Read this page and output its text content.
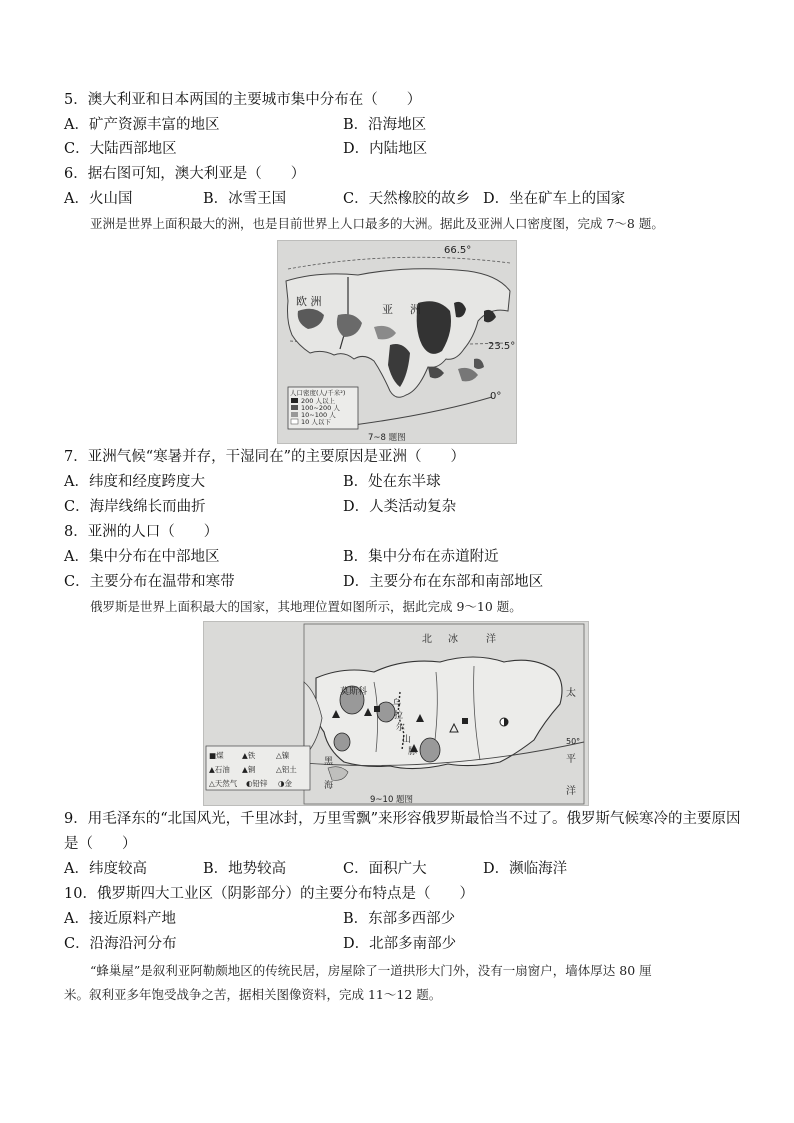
5．澳大利亚和日本两国的主要城市集中分布在（　　）
A．矿产资源丰富的地区	B．沿海地区
C．大陆西部地区	D．内陆地区
6．据右图可知，澳大利亚是（　　）
A．火山国	B．冰雪王国	C．天然橡胶的故乡 D．坐在矿车上的国家
亚洲是世界上面积最大的洲，也是目前世界上人口最多的大洲。据此及亚洲人口密度图，完成 7～8 题。
66.5°
23.5°
0°
欧 洲
亚 洲
人口密度(人/千米²)
200 人以上
100~200 人
10~100 人
10 人以下
7~8 题图
7．亚洲气候“寒暑并存，干湿同在”的主要原因是亚洲（　　）
A．纬度和经度跨度大	B．处在东半球
C．海岸线绵长而曲折	D．人类活动复杂
8．亚洲的人口（　　）
A．集中分布在中部地区	B．集中分布在赤道附近
C．主要分布在温带和寒带	D．主要分布在东部和南部地区
俄罗斯是世界上面积最大的国家，其地理位置如图所示，据此完成 9～10 题。
北 冰	洋
太
平
洋
50°
莫斯科
乌
拉
尔
山
脉
黑
海
■煤 ▲铁	△镍
▲石油 ▲铜	△铝土
△天然气 ◐铅锌 ◑金
9~10 题图
9．用毛泽东的“北国风光，千里冰封，万里雪飘”来形容俄罗斯最恰当不过了。俄罗斯气候寒冷的主要原因
是（　　）
A．纬度较高	B．地势较高	C．面积广大	D．濒临海洋
10．俄罗斯四大工业区（阴影部分）的主要分布特点是（　　）
A．接近原料产地	B．东部多西部少
C．沿海沿河分布	D．北部多南部少
“蜂巢屋”是叙利亚阿勒颇地区的传统民居，房屋除了一道拱形大门外，没有一扇窗户，墙体厚达 80 厘
米。叙利亚多年饱受战争之苦，据相关图像资料，完成 11～12 题。
